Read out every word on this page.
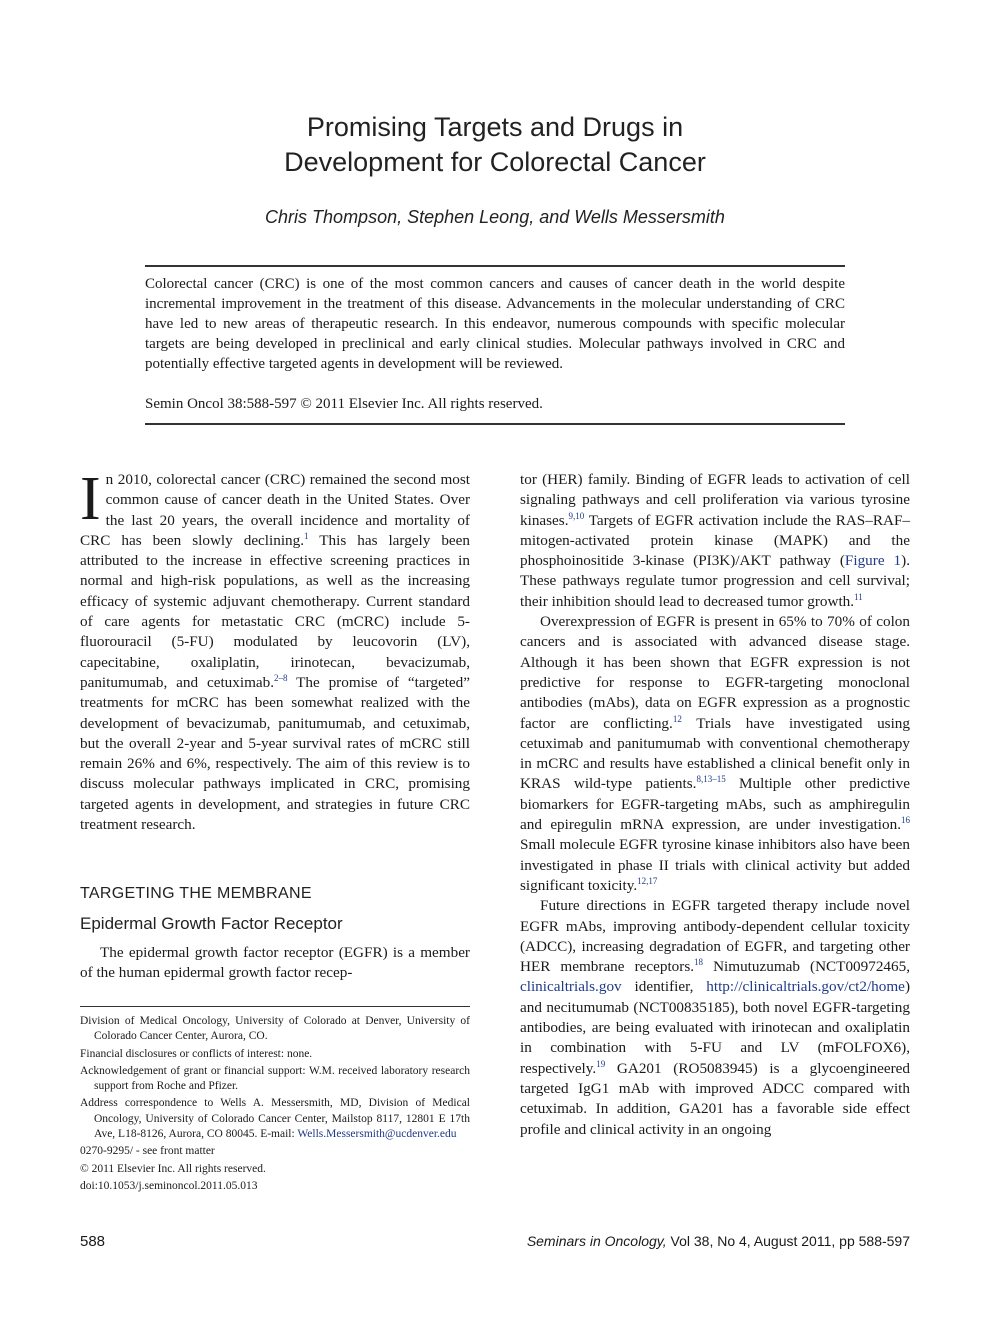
Promising Targets and Drugs in
Development for Colorectal Cancer
Chris Thompson, Stephen Leong, and Wells Messersmith
Colorectal cancer (CRC) is one of the most common cancers and causes of cancer death in the world despite incremental improvement in the treatment of this disease. Advancements in the molecular understanding of CRC have led to new areas of therapeutic research. In this endeavor, numerous compounds with specific molecular targets are being developed in preclinical and early clinical studies. Molecular pathways involved in CRC and potentially effective targeted agents in development will be reviewed.
Semin Oncol 38:588-597 © 2011 Elsevier Inc. All rights reserved.

In 2010, colorectal cancer (CRC) remained the second most common cause of cancer death in the United States. Over the last 20 years, the overall incidence and mortality of CRC has been slowly declining.$^1$ This has largely been attributed to the increase in effective screening practices in normal and high-risk populations, as well as the increasing efficacy of systemic adjuvant chemotherapy. Current standard of care agents for metastatic CRC (mCRC) include 5-fluorouracil (5-FU) modulated by leucovorin (LV), capecitabine, oxaliplatin, irinotecan, bevacizumab, panitumumab, and cetuximab.$^{2-8}$ The promise of “targeted” treatments for mCRC has been somewhat realized with the development of bevacizumab, panitumumab, and cetuximab, but the overall 2-year and 5-year survival rates of mCRC still remain 26% and 6%, respectively. The aim of this review is to discuss molecular pathways implicated in CRC, promising targeted agents in development, and strategies in future CRC treatment research.

TARGETING THE MEMBRANE
Epidermal Growth Factor Receptor

The epidermal growth factor receptor (EGFR) is a member of the human epidermal growth factor recep-

Division of Medical Oncology, University of Colorado at Denver, University of Colorado Cancer Center, Aurora, CO.

Financial disclosures or conflicts of interest: none.

Acknowledgement of grant or financial support: W.M. received laboratory research support from Roche and Pfizer.

Address correspondence to Wells A. Messersmith, MD, Division of Medical Oncology, University of Colorado Cancer Center, Mailstop 8117, 12801 E 17th Ave, L18-8126, Aurora, CO 80045. E-mail: Wells.Messersmith@ucdenver.edu

0270-9295/ - see front matter

© 2011 Elsevier Inc. All rights reserved.

doi:10.1053/j.seminoncol.2011.05.013

tor (HER) family. Binding of EGFR leads to activation of cell signaling pathways and cell proliferation via various tyrosine kinases.$^{9,10}$ Targets of EGFR activation include the RAS–RAF–mitogen-activated protein kinase (MAPK) and the phosphoinositide 3-kinase (PI3K)/AKT pathway (Figure 1). These pathways regulate tumor progression and cell survival; their inhibition should lead to decreased tumor growth.$^{11}$

Overexpression of EGFR is present in 65% to 70% of colon cancers and is associated with advanced disease stage. Although it has been shown that EGFR expression is not predictive for response to EGFR-targeting monoclonal antibodies (mAbs), data on EGFR expression as a prognostic factor are conflicting.$^{12}$ Trials have investigated using cetuximab and panitumumab with conventional chemotherapy in mCRC and results have established a clinical benefit only in KRAS wild-type patients.$^{8,13-15}$ Multiple other predictive biomarkers for EGFR-targeting mAbs, such as amphiregulin and epiregulin mRNA expression, are under investigation.$^{16}$ Small molecule EGFR tyrosine kinase inhibitors also have been investigated in phase II trials with clinical activity but added significant toxicity.$^{12,17}$

Future directions in EGFR targeted therapy include novel EGFR mAbs, improving antibody-dependent cellular toxicity (ADCC), increasing degradation of EGFR, and targeting other HER membrane receptors.$^{18}$ Nimutuzumab (NCT00972465, clinicaltrials.gov identifier, http://clinicaltrials.gov/ct2/home) and necitumumab (NCT00835185), both novel EGFR-targeting antibodies, are being evaluated with irinotecan and oxaliplatin in combination with 5-FU and LV (mFOLFOX6), respectively.$^{19}$ GA201 (RO5083945) is a glycoengineered targeted IgG1 mAb with improved ADCC compared with cetuximab. In addition, GA201 has a favorable side effect profile and clinical activity in an ongoing

588	Seminars in Oncology, Vol 38, No 4, August 2011, pp 588-597
